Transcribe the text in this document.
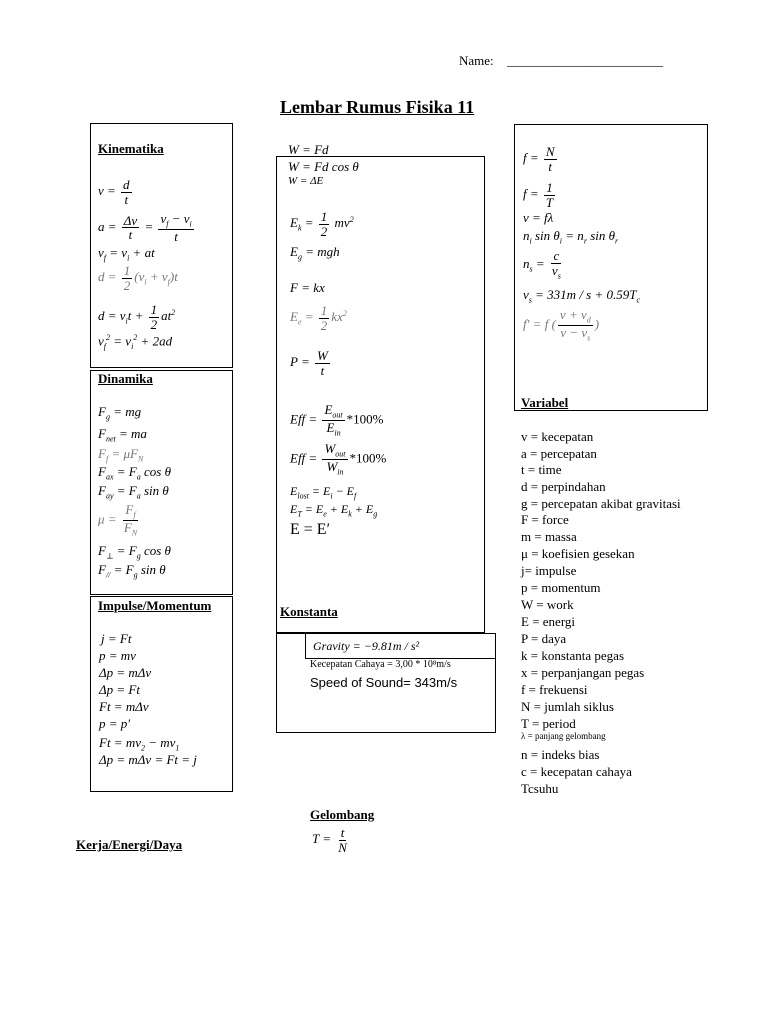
Name: ________________________
Lembar Rumus Fisika 11
Kinematika
Dinamika
Impulse/Momentum	Konstanta
Variabel
Gelombang
Kerja/Energi/Daya
$v = \frac{d}{t}$
$a = \frac{\Delta v}{t} = \frac{v_f - v_i}{t}$
$v_f = v_i$ + at
$d = \frac{1}{2} (v_i + v_f)t$
$d = v_it + \frac{1}{2} at^2$
$v_f^2 = v_i^2 + 2ad$
$F_g$ = mg
$F_{net}$ = ma
$F_f = \mu F_N$
$F_{ax} = F_a$ cos θ
$F_{ay} = F_a$ sin θ
$\mu = \frac{F_f}{F_N}$
$F_\perp = F_g$ cos θ
$F_{//} = F_g$ sin θ
j = Ft
p = mv
Δp = mΔv
Δp = Ft
Ft = mΔv
p = p′
$Ft = mv_2 - mv_1$
Δp = mΔv = Ft = j
W = Fd
W = Fd cos θ
W = ΔE
$E_k = \frac{1}{2} mv^2$
$E_g$ = mgh
F = kx
$E_e = \frac{1}{2} kx^2$
$P = \frac{W}{t}$
Eff = $\frac{E_{out}}{E_{in}} *100\%$
Eff = $\frac{W_{out}}{W_{in}} *100\%$
$E_{lost} = E_i - E_f$
$E_T = E_e + E_k + E_g$
E = E′
Gravity = −9.81m / s²
Kecepatan Cahaya = 3,00 * 10⁸m/s
Speed of Sound= 343m/s
$f = \frac{N}{t}$
$f = \frac{1}{T}$
v = fλ
$n_i$ $\sin \theta_i = n_r$ $\sin \theta_r$
$n_s = \frac{c}{v_s}$
$v_s = 331m / s + 0.59T_c$
f′ = f ( $\frac{v + v_d}{v - v_s}$ )
$T = \frac{t}{N}$
v = kecepatan
a = percepatan
t = time
d = perpindahan
g = percepatan akibat gravitasi
F = force
m = massa
μ = koefisien gesekan
j= impulse
p = momentum
W = work
E = energi
P = daya
k = konstanta pegas
x = perpanjangan pegas
f = frekuensi
N = jumlah siklus
T = period
λ = panjang gelombang
n = indeks bias
c = kecepatan cahaya
Tcsuhu
